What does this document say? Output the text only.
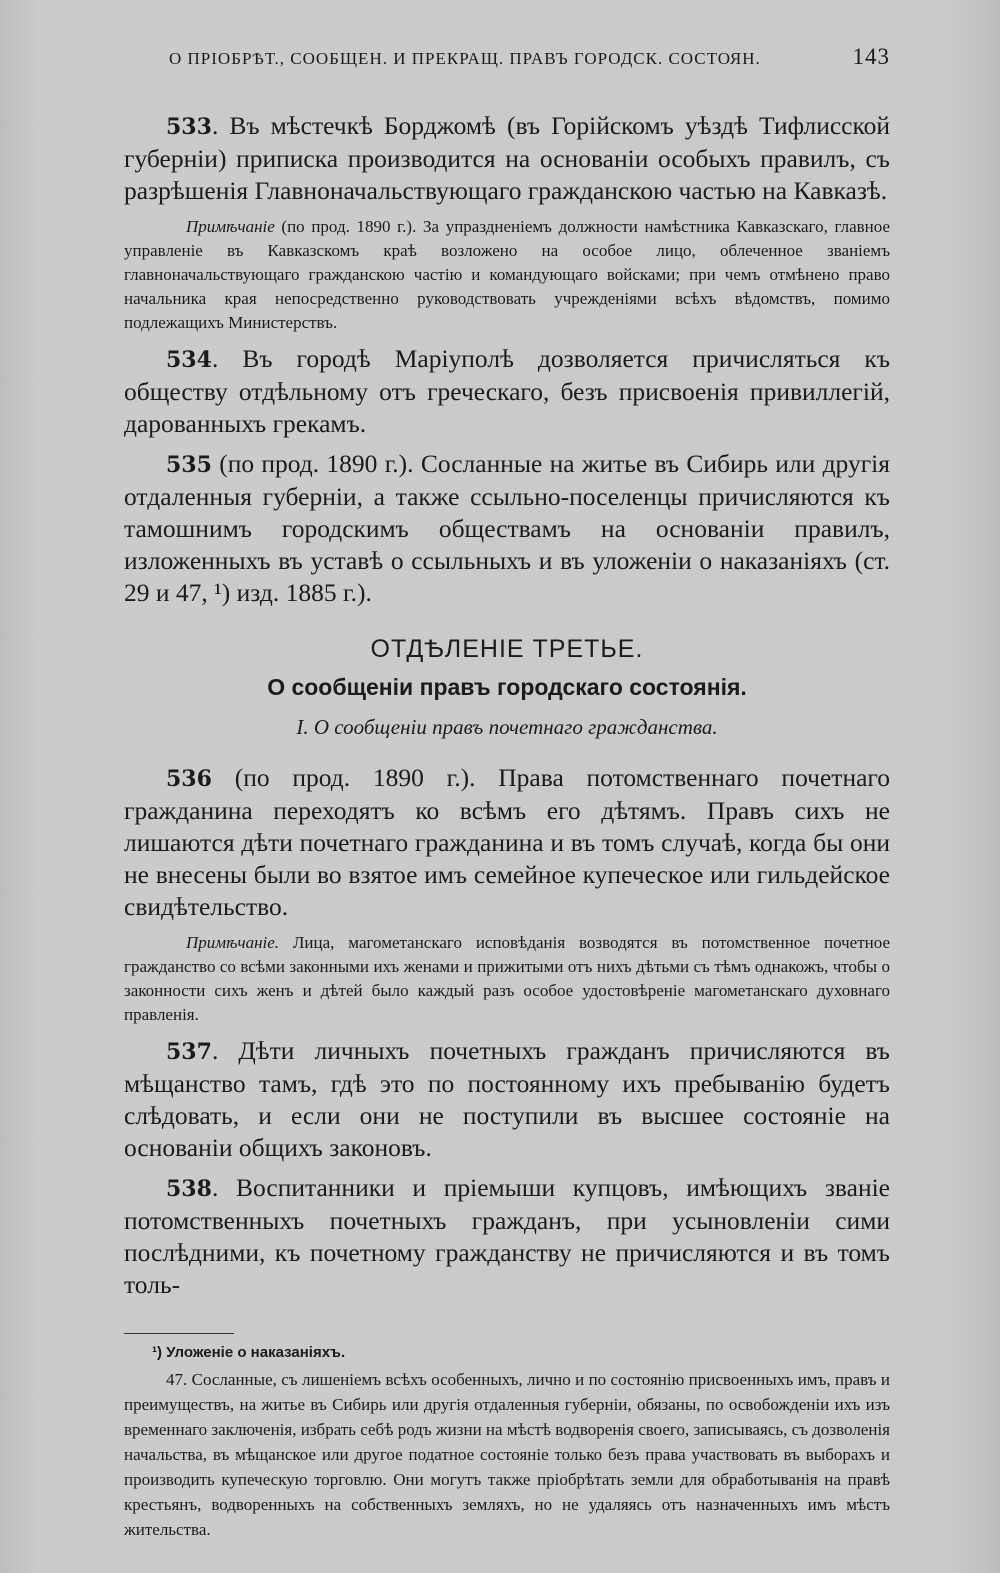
О ПРІОБРѢТ., СООБЩЕН. И ПРЕКРАЩ. ПРАВЪ ГОРОДСК. СОСТОЯН.	143

533. Въ мѣстечкѣ Борджомѣ (въ Горійскомъ уѣздѣ Тифлисской губерніи) приписка производится на основаніи особыхъ правилъ, съ разрѣшенія Главноначальствующаго гражданскою частью на Кавказѣ.

Примѣчаніе (по прод. 1890 г.). За упраздненіемъ должности намѣстника Кавказскаго, главное управленіе въ Кавказскомъ краѣ возложено на особое лицо, облеченное званіемъ главноначальствующаго гражданскою частію и командующаго войсками; при чемъ отмѣнено право начальника края непосредственно руководствовать учрежденіями всѣхъ вѣдомствъ, помимо подлежащихъ Министерствъ.

534. Въ городѣ Маріуполѣ дозволяется причисляться къ обществу отдѣльному отъ греческаго, безъ присвоенія привиллегій, дарованныхъ грекамъ.

535 (по прод. 1890 г.). Сосланные на житье въ Сибирь или другія отдаленныя губерніи, а также ссыльно-поселенцы причисляются къ тамошнимъ городскимъ обществамъ на основаніи правилъ, изложенныхъ въ уставѣ о ссыльныхъ и въ уложеніи о наказаніяхъ (ст. 29 и 47, ¹) изд. 1885 г.).

ОТДѢЛЕНІЕ ТРЕТЬЕ.
О сообщеніи правъ городскаго состоянія.
I. О сообщеніи правъ почетнаго гражданства.

536 (по прод. 1890 г.). Права потомственнаго почетнаго гражданина переходятъ ко всѣмъ его дѣтямъ. Правъ сихъ не лишаются дѣти почетнаго гражданина и въ томъ случаѣ, когда бы они не внесены были во взятое имъ семейное купеческое или гильдейское свидѣтельство.

Примѣчаніе. Лица, магометанскаго исповѣданія возводятся въ потомственное почетное гражданство со всѣми законными ихъ женами и прижитыми отъ нихъ дѣтьми съ тѣмъ однакожъ, чтобы о законности сихъ женъ и дѣтей было каждый разъ особое удостовѣреніе магометанскаго духовнаго правленія.

537. Дѣти личныхъ почетныхъ гражданъ причисляются въ мѣщанство тамъ, гдѣ это по постоянному ихъ пребыванію будетъ слѣдовать, и если они не поступили въ высшее состояніе на основаніи общихъ законовъ.

538. Воспитанники и пріемыши купцовъ, имѣющихъ званіе потомственныхъ почетныхъ гражданъ, при усыновленіи сими послѣдними, къ почетному гражданству не причисляются и въ томъ толь-

¹) Уложеніе о наказаніяхъ.

47. Сосланные, съ лишеніемъ всѣхъ особенныхъ, лично и по состоянію присвоенныхъ имъ, правъ и преимуществъ, на житье въ Сибирь или другія отдаленныя губерніи, обязаны, по освобожденіи ихъ изъ временнаго заключенія, избрать себѣ родъ жизни на мѣстѣ водворенія своего, записываясь, съ дозволенія начальства, въ мѣщанское или другое податное состояніе только безъ права участвовать въ выборахъ и производить купеческую торговлю. Они могутъ также пріобрѣтать земли для обработыванія на правѣ крестьянъ, водворенныхъ на собственныхъ земляхъ, но не удаляясь отъ назначенныхъ имъ мѣстъ жительства.
